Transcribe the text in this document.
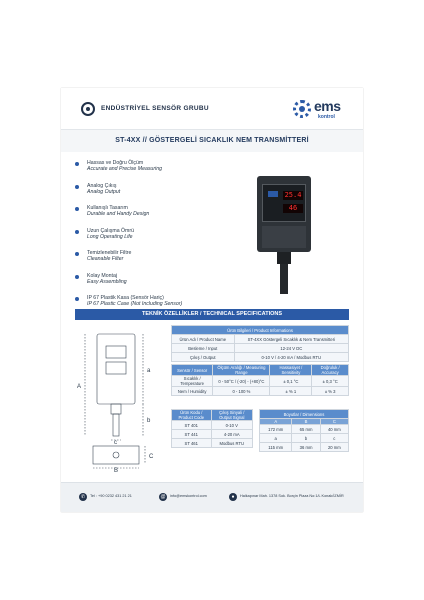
ENDÜSTRİYEL SENSÖR GRUBU	ems
kontrol
ST-4XX // GÖSTERGELİ SICAKLIK NEM TRANSMİTTERİ
Hassas ve Doğru Ölçüm
Accurate and Precise Measuring
Analog Çıkış
Analog Output
Kullanışlı Tasarım
Durable and Handy Design
Uzun Çalışma Ömrü
Long Operating Life
Temizlenebilir Filtre
Cleanable Filter
Kolay Montaj
Easy Assembling
IP 67 Plastik Kasa (Sensör Hariç)
IP 67 Plastic Case (Not Including Sensor)
25.4
46
TEKNİK ÖZELLİKLER / TECHNICAL SPECIFICATIONS
A
a
b
c
B
C
Ürün Bilgileri / Product Informations	
Ürün Adı / Product Name	ST-4XX Göstergeli Sıcaklık & Nem Transmitteri
Besleme / Input	12-24 V DC
Çıkış / Output	0-10 V / 4-20 mA / Modbus RTU
Sensör / Sensor	Ölçüm Aralığı / Measuring Range	Hassasiyet / Sensitivity	Doğruluk / Accuracy
Sıcaklık / Temperature	0 - 50°C / (-20) - (+80)°C	± 0,1 °C	± 0,3 °C
Nem / Humidity	0 - 100 %	± % 1	± % 3
Ürün Kodu / Product Code	Çıkış Sinyali / Output Signal
ST 401	0-10 V
ST 441	4-20 mA
ST 461	Modbus RTU
Boyutlar / Dimensions		
A	B	C
172 mm	65 mm	40 mm
a	b	c
115 mm	36 mm	20 mm
✆	Tel : +90 0232 431 21 21	@	info@emskontrol.com	●	Halkapınar Mah. 1378 Sok. Borçin Plaza No:1/L Konak/İZMİR
